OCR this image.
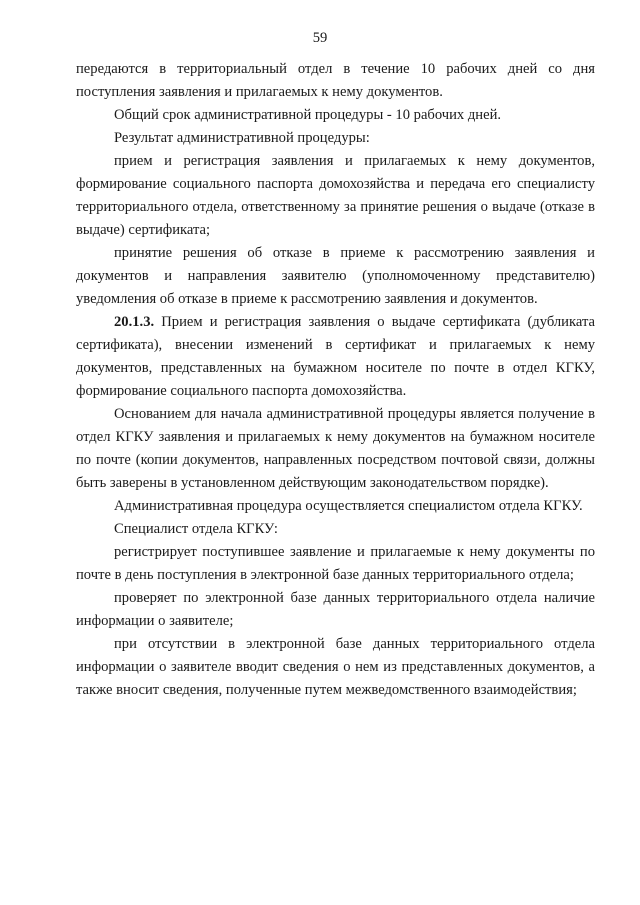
59

передаются в территориальный отдел в течение 10 рабочих дней со дня поступления заявления и прилагаемых к нему документов.

Общий срок административной процедуры - 10 рабочих дней.

Результат административной процедуры:

прием и регистрация заявления и прилагаемых к нему документов, формирование социального паспорта домохозяйства и передача его специалисту территориального отдела, ответственному за принятие решения о выдаче (отказе в выдаче) сертификата;

принятие решения об отказе в приеме к рассмотрению заявления и документов и направления заявителю (уполномоченному представителю) уведомления об отказе в приеме к рассмотрению заявления и документов.

20.1.3. Прием и регистрация заявления о выдаче сертификата (дубликата сертификата), внесении изменений в сертификат и прилагаемых к нему документов, представленных на бумажном носителе по почте в отдел КГКУ, формирование социального паспорта домохозяйства.

Основанием для начала административной процедуры является получение в отдел КГКУ заявления и прилагаемых к нему документов на бумажном носителе по почте (копии документов, направленных посредством почтовой связи, должны быть заверены в установленном действующим законодательством порядке).

Административная процедура осуществляется специалистом отдела КГКУ.

Специалист отдела КГКУ:

регистрирует поступившее заявление и прилагаемые к нему документы по почте в день поступления в электронной базе данных территориального отдела;

проверяет по электронной базе данных территориального отдела наличие информации о заявителе;

при отсутствии в электронной базе данных территориального отдела информации о заявителе вводит сведения о нем из представленных документов, а также вносит сведения, полученные путем межведомственного взаимодействия;
